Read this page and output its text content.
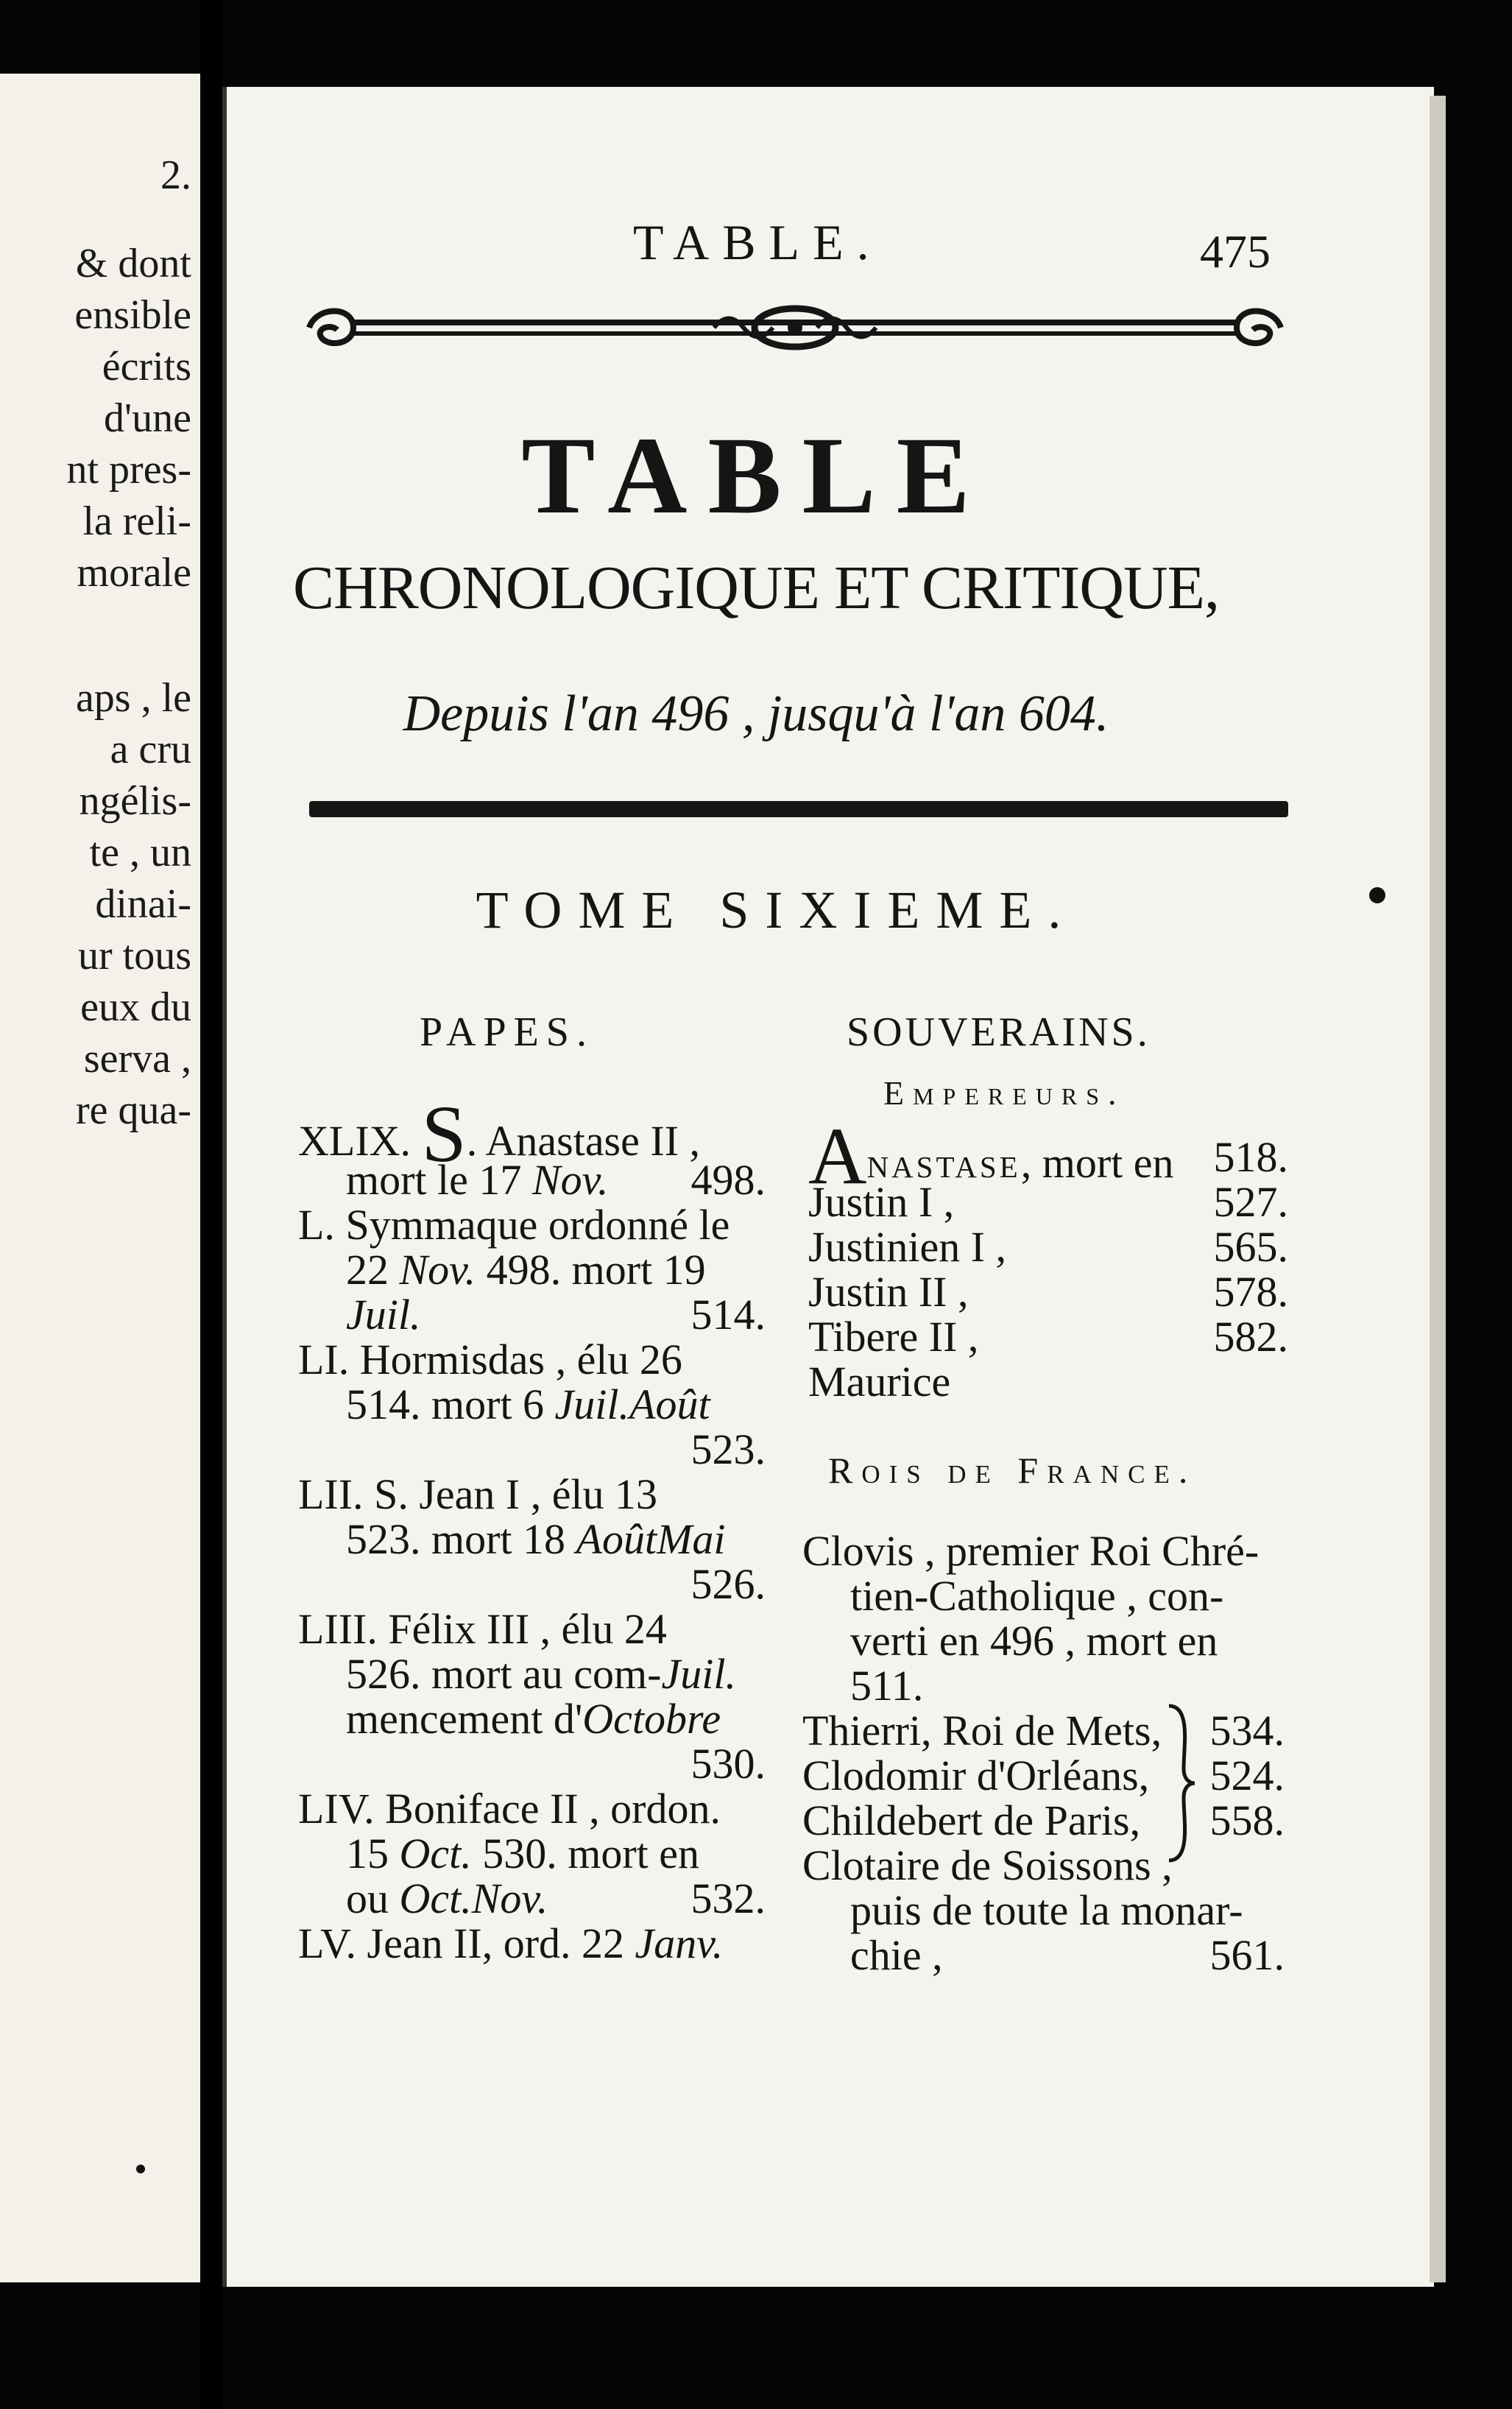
2.
& dont
ensible
écrits
d'une
nt pres-
la reli-
morale
aps , le
a cru
ngélis-
te , un
dinai-
ur tous
eux du
serva ,
re qua-
TABLE.	475
TABLE
CHRONOLOGIQUE ET CRITIQUE,
Depuis l'an 496 , jusqu'à l'an 604.
TOME SIXIEME.
PAPES.	SOUVERAINS.
Empereurs.
XLIX. S. Anastase II ,
mort le 17 Nov.	498.
L. Symmaque ordonné le
22 Nov. 498. mort 19
Juil.	514.
LI. Hormisdas , élu 26
514. mort 6 Juil.Août
523.
LII. S. Jean I , élu 13
523. mort 18 AoûtMai
526.
LIII. Félix III , élu 24
526. mort au com-Juil.
mencement d'Octobre
530.
LIV. Boniface II , ordon.
15 Oct. 530. mort en
ou Oct.Nov.	532.
LV. Jean II, ord. 22 Janv.
Anastase, mort en 518.
Justin I ,	527.
Justinien I ,	565.
Justin II ,	578.
Tibere II ,	582.
Maurice
Rois de France.
Clovis , premier Roi Chré-
tien-Catholique , con-
verti en 496 , mort en
511.
Thierri, Roi de Mets,	534.
Clodomir d'Orléans,	524.
Childebert de Paris,	558.
Clotaire de Soissons ,
puis de toute la monar-
chie ,	561.
